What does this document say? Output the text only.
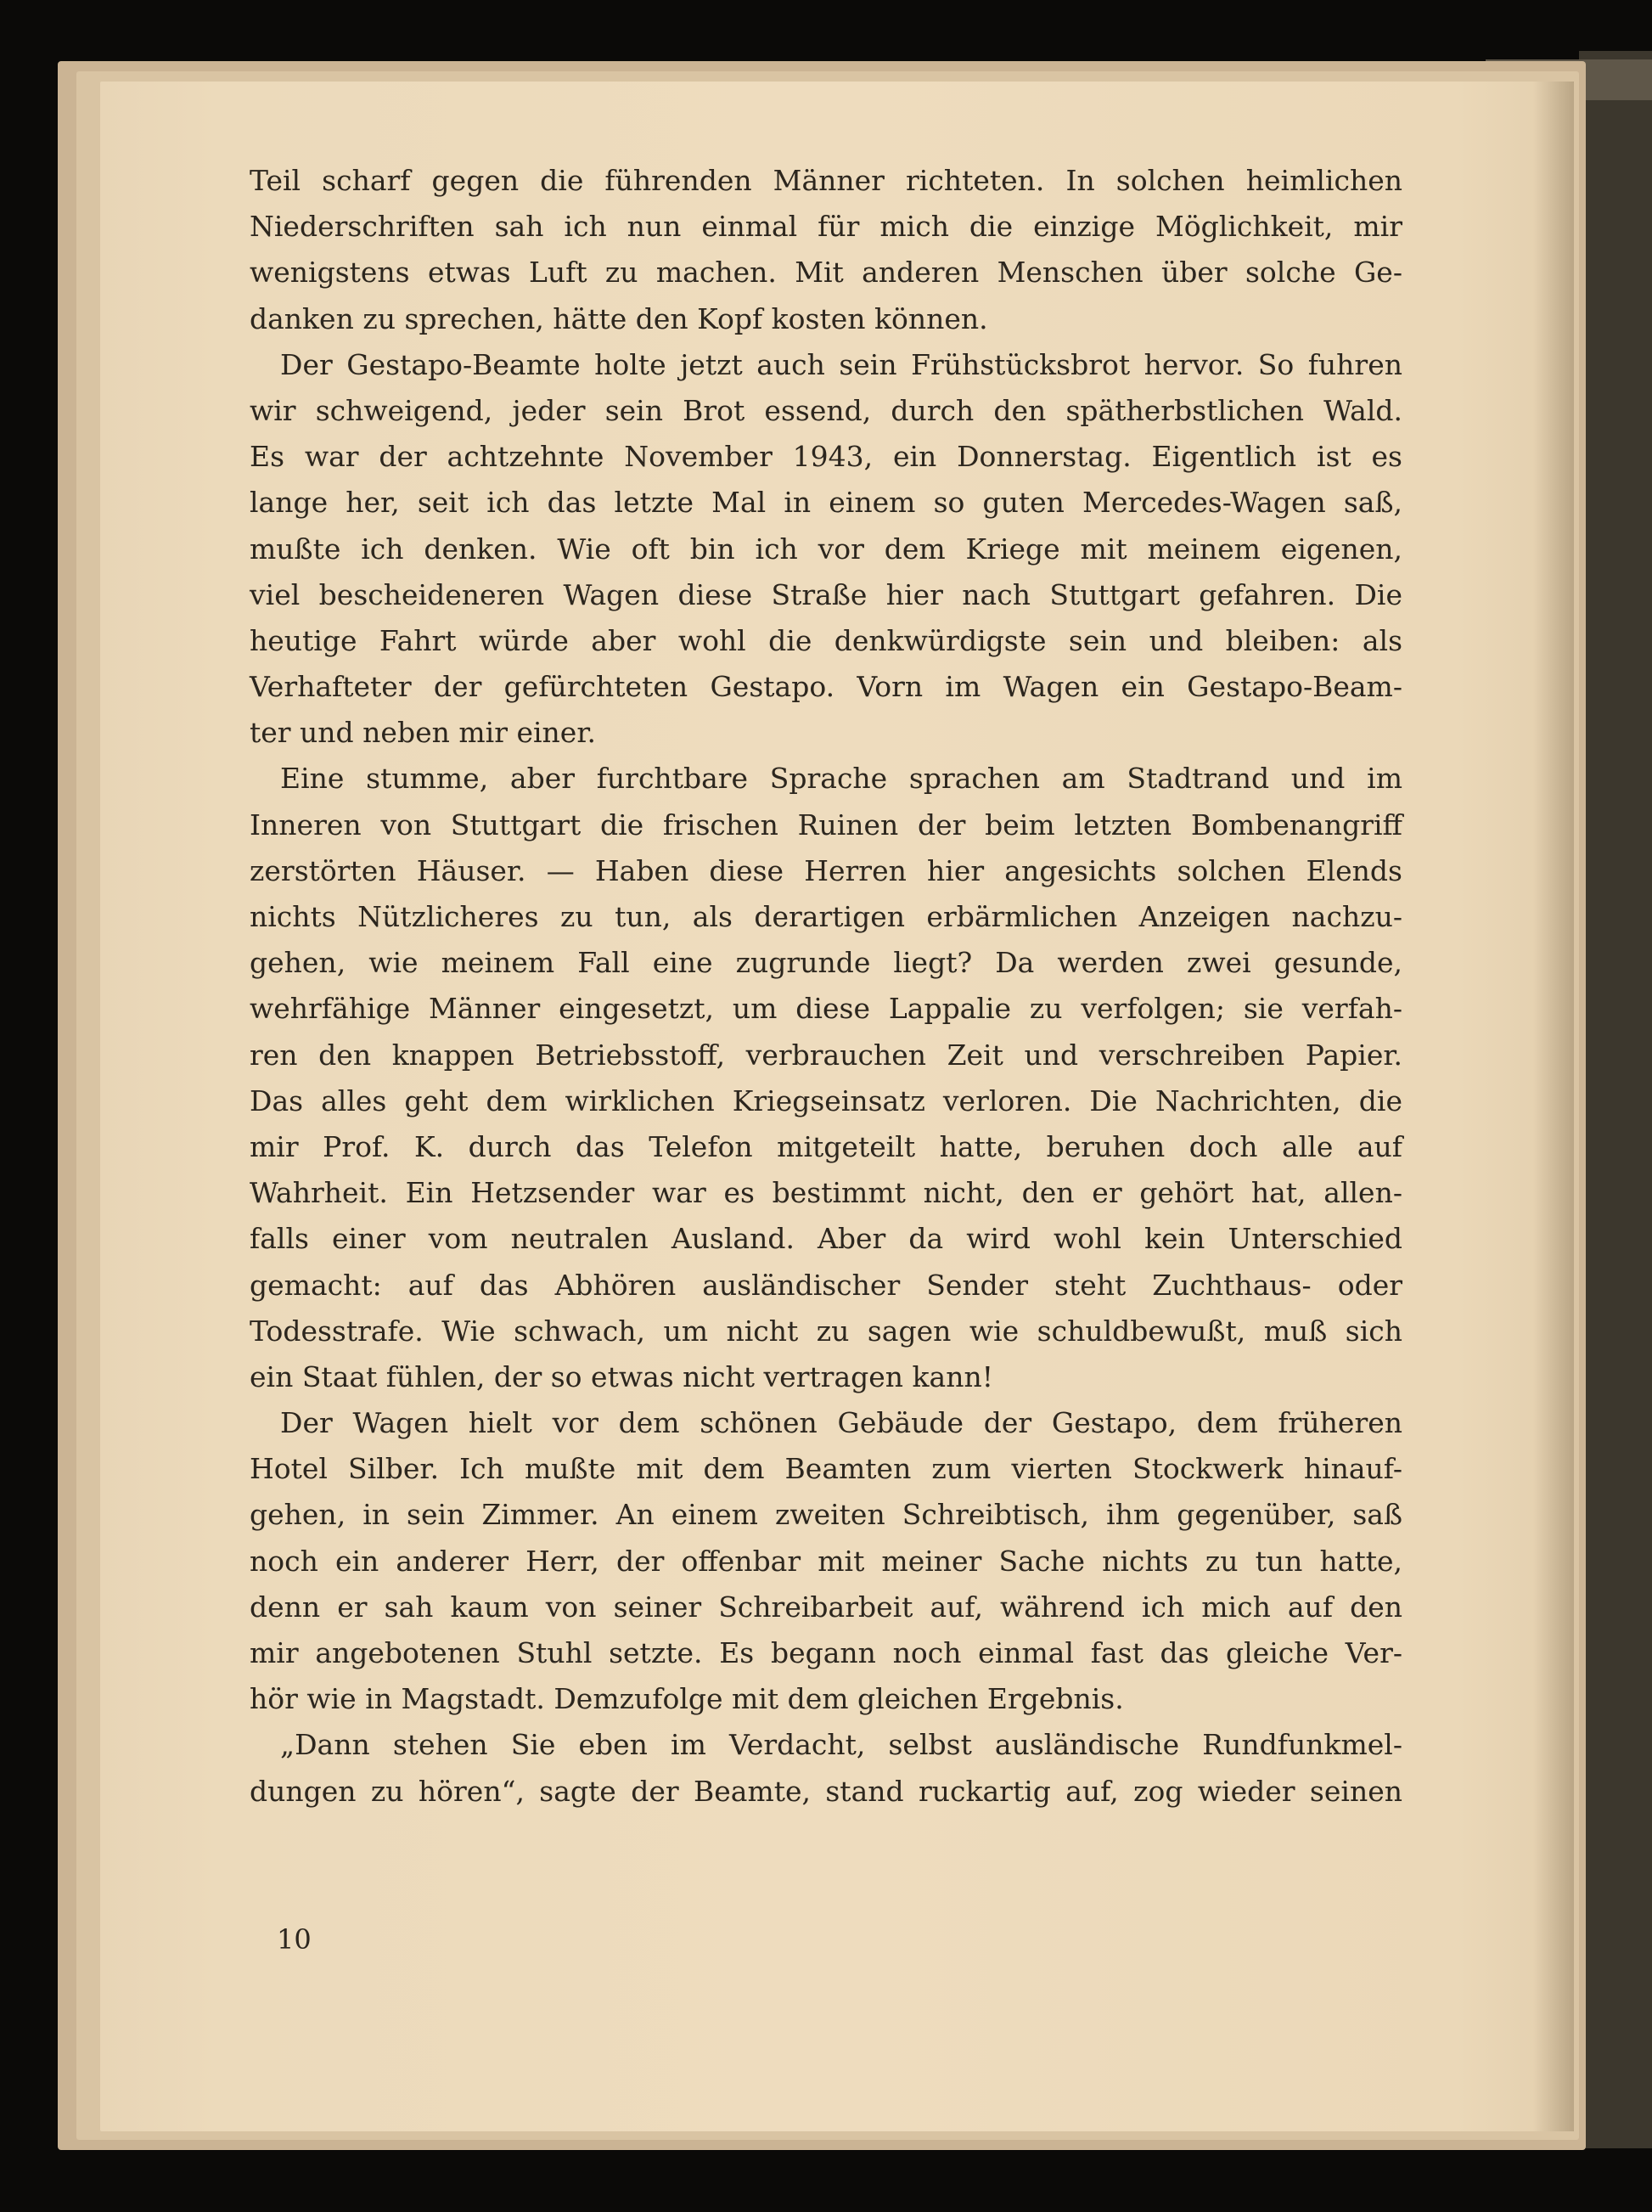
Teil scharf gegen die führenden Männer richteten. In solchen heimlichen
Niederschriften sah ich nun einmal für mich die einzige Möglichkeit, mir
wenigstens etwas Luft zu machen. Mit anderen Menschen über solche Ge-
danken zu sprechen, hätte den Kopf kosten können.
Der Gestapo-Beamte holte jetzt auch sein Frühstücksbrot hervor. So fuhren
wir schweigend, jeder sein Brot essend, durch den spätherbstlichen Wald.
Es war der achtzehnte November 1943, ein Donnerstag. Eigentlich ist es
lange her, seit ich das letzte Mal in einem so guten Mercedes-Wagen saß,
mußte ich denken. Wie oft bin ich vor dem Kriege mit meinem eigenen,
viel bescheideneren Wagen diese Straße hier nach Stuttgart gefahren. Die
heutige Fahrt würde aber wohl die denkwürdigste sein und bleiben: als
Verhafteter der gefürchteten Gestapo. Vorn im Wagen ein Gestapo-Beam-
ter und neben mir einer.
Eine stumme, aber furchtbare Sprache sprachen am Stadtrand und im
Inneren von Stuttgart die frischen Ruinen der beim letzten Bombenangriff
zerstörten Häuser. — Haben diese Herren hier angesichts solchen Elends
nichts Nützlicheres zu tun, als derartigen erbärmlichen Anzeigen nachzu-
gehen, wie meinem Fall eine zugrunde liegt? Da werden zwei gesunde,
wehrfähige Männer eingesetzt, um diese Lappalie zu verfolgen; sie verfah-
ren den knappen Betriebsstoff, verbrauchen Zeit und verschreiben Papier.
Das alles geht dem wirklichen Kriegseinsatz verloren. Die Nachrichten, die
mir Prof. K. durch das Telefon mitgeteilt hatte, beruhen doch alle auf
Wahrheit. Ein Hetzsender war es bestimmt nicht, den er gehört hat, allen-
falls einer vom neutralen Ausland. Aber da wird wohl kein Unterschied
gemacht: auf das Abhören ausländischer Sender steht Zuchthaus- oder
Todesstrafe. Wie schwach, um nicht zu sagen wie schuldbewußt, muß sich
ein Staat fühlen, der so etwas nicht vertragen kann!
Der Wagen hielt vor dem schönen Gebäude der Gestapo, dem früheren
Hotel Silber. Ich mußte mit dem Beamten zum vierten Stockwerk hinauf-
gehen, in sein Zimmer. An einem zweiten Schreibtisch, ihm gegenüber, saß
noch ein anderer Herr, der offenbar mit meiner Sache nichts zu tun hatte,
denn er sah kaum von seiner Schreibarbeit auf, während ich mich auf den
mir angebotenen Stuhl setzte. Es begann noch einmal fast das gleiche Ver-
hör wie in Magstadt. Demzufolge mit dem gleichen Ergebnis.
„Dann stehen Sie eben im Verdacht, selbst ausländische Rundfunkmel-
dungen zu hören“, sagte der Beamte, stand ruckartig auf, zog wieder seinen
10
